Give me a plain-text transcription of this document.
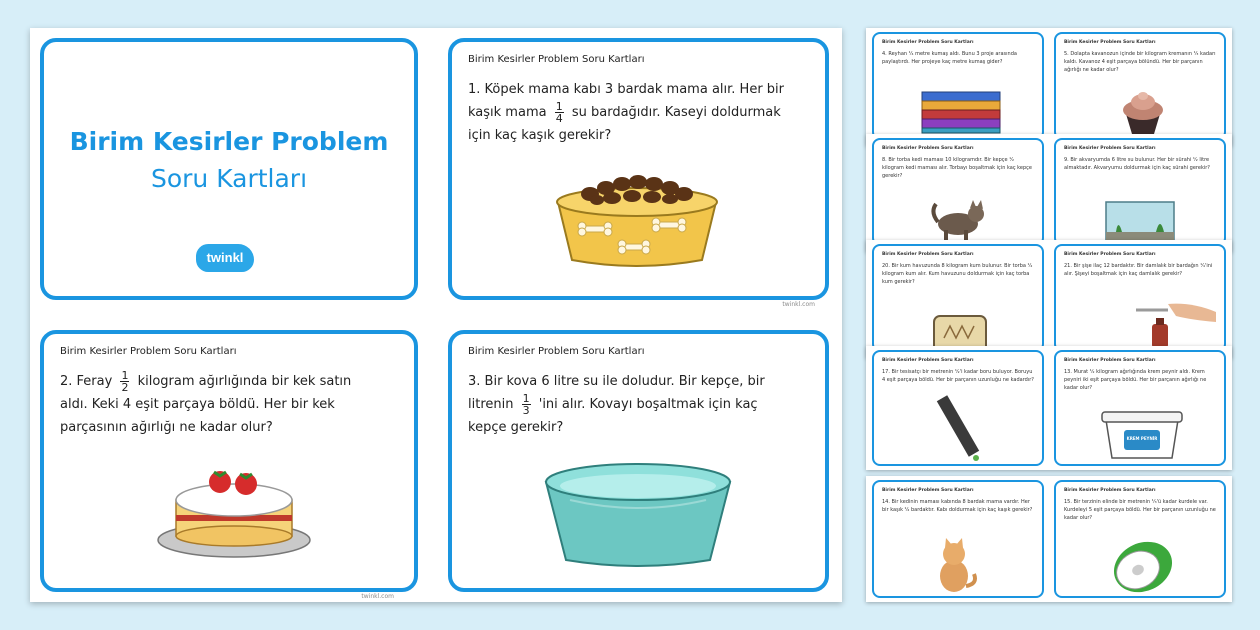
Birim Kesirler Problem
Soru Kartları
twinkl
Birim Kesirler Problem Soru Kartları
1. Köpek mama kabı 3 bardak mama alır. Her bir kaşık mama $\frac{1}{4}$ su bardağıdır. Kaseyi doldurmak için kaç kaşık gerekir?
twinkl.com
Birim Kesirler Problem Soru Kartları
2. Feray $\frac{1}{2}$ kilogram ağırlığında bir kek satın aldı. Keki 4 eşit parçaya böldü. Her bir kek parçasının ağırlığı ne kadar olur?
twinkl.com
Birim Kesirler Problem Soru Kartları
3. Bir kova 6 litre su ile doludur. Bir kepçe, bir litrenin $\frac{1}{3}$ 'ini alır. Kovayı boşaltmak için kaç kepçe gerekir?
Birim Kesirler Problem Soru Kartları
4. Reyhan ¹⁄₄ metre kumaş aldı. Bunu 3 proje arasında paylaştırdı. Her projeye kaç metre kumaş gider?
Birim Kesirler Problem Soru Kartları
5. Dolapta kavanozun içinde bir kilogram kremanın ¹⁄₃ kadarı kaldı. Kavanoz 4 eşit parçaya bölündü. Her bir parçanın ağırlığı ne kadar olur?
Birim Kesirler Problem Soru Kartları
8. Bir torba kedi maması 10 kilogramdır. Bir kepçe ¹⁄₂ kilogram kedi maması alır. Torbayı boşaltmak için kaç kepçe gerekir?
Birim Kesirler Problem Soru Kartları
9. Bir akvaryumda 6 litre su bulunur. Her bir sürahi ¹⁄₂ litre almaktadır. Akvaryumu doldurmak için kaç sürahi gerekir?
Birim Kesirler Problem Soru Kartları
20. Bir kum havuzunda 8 kilogram kum bulunur. Bir torba ¹⁄₂ kilogram kum alır. Kum havuzunu doldurmak için kaç torba kum gerekir?
Birim Kesirler Problem Soru Kartları
21. Bir şişe ilaç 12 bardaktır. Bir damlalık bir bardağın ¹⁄₄'ini alır. Şişeyi boşaltmak için kaç damlalık gerekir?
Birim Kesirler Problem Soru Kartları
17. Bir tesisatçı bir metrenin ¹⁄₂'i kadar boru buluyor. Boruyu 4 eşit parçaya böldü. Her bir parçanın uzunluğu ne kadardır?
Birim Kesirler Problem Soru Kartları
13. Murat ¹⁄₂ kilogram ağırlığında krem peynir aldı. Krem peyniri iki eşit parçaya böldü. Her bir parçanın ağırlığı ne kadar olur?
KREM PEYNİR
Birim Kesirler Problem Soru Kartları
14. Bir kedinin maması kabında 8 bardak mama vardır. Her bir kaşık ¹⁄₂ bardaktır. Kabı doldurmak için kaç kaşık gerekir?
Birim Kesirler Problem Soru Kartları
15. Bir terzinin elinde bir metrenin ¹⁄₃'ü kadar kurdele var. Kurdeleyi 5 eşit parçaya böldü. Her bir parçanın uzunluğu ne kadar olur?
